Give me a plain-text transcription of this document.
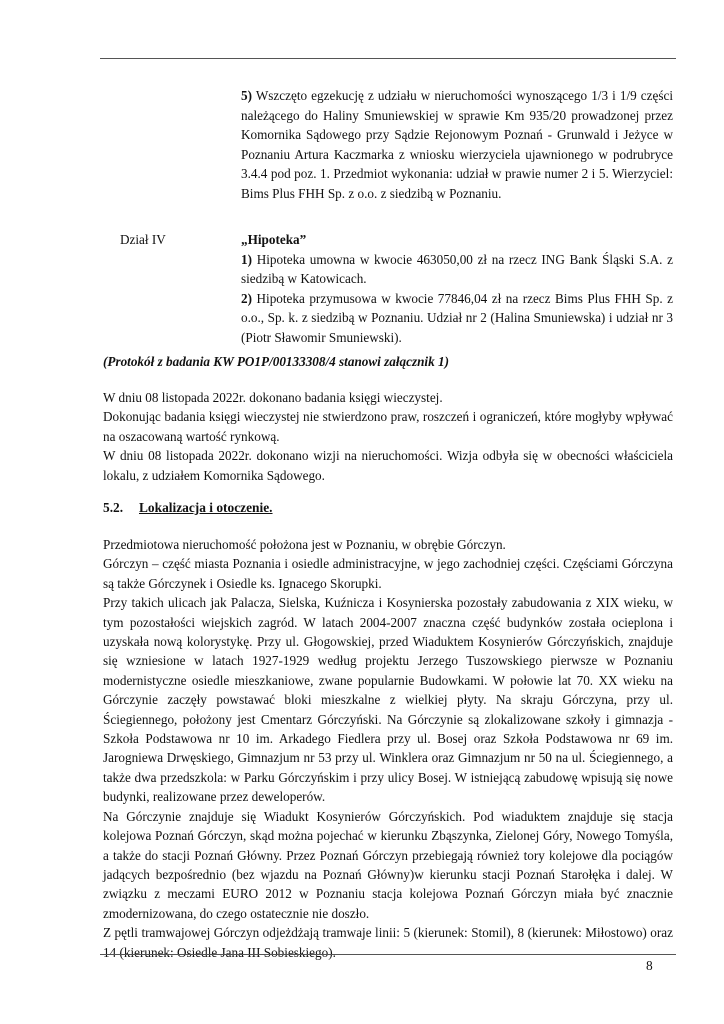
5) Wszczęto egzekucję z udziału w nieruchomości wynoszącego 1/3 i 1/9 części należącego do Haliny Smuniewskiej w sprawie Km 935/20 prowadzonej przez Komornika Sądowego przy Sądzie Rejonowym Poznań - Grunwald i Jeżyce w Poznaniu Artura Kaczmarka z wniosku wierzyciela ujawnionego w podrubryce 3.4.4 pod poz. 1. Przedmiot wykonania: udział w prawie numer 2 i 5. Wierzyciel: Bims Plus FHH Sp. z o.o. z siedzibą w Poznaniu.

Dział IV	„Hipoteka”

1) Hipoteka umowna w kwocie 463050,00 zł na rzecz ING Bank Śląski S.A. z siedzibą w Katowicach.

2) Hipoteka przymusowa w kwocie 77846,04 zł na rzecz Bims Plus FHH Sp. z o.o., Sp. k. z siedzibą w Poznaniu. Udział nr 2 (Halina Smuniewska) i udział nr 3 (Piotr Sławomir Smuniewski).

(Protokół z badania KW PO1P/00133308/4 stanowi załącznik 1)

W dniu 08 listopada 2022r. dokonano badania księgi wieczystej.

Dokonując badania księgi wieczystej nie stwierdzono praw, roszczeń i ograniczeń, które mogłyby wpływać na oszacowaną wartość rynkową.

W dniu 08 listopada 2022r. dokonano wizji na nieruchomości. Wizja odbyła się w obecności właściciela lokalu, z udziałem Komornika Sądowego.

5.2. Lokalizacja i otoczenie.

Przedmiotowa nieruchomość położona jest w Poznaniu, w obrębie Górczyn.

Górczyn – część miasta Poznania i osiedle administracyjne, w jego zachodniej części. Częściami Górczyna są także Górczynek i Osiedle ks. Ignacego Skorupki.

Przy takich ulicach jak Palacza, Sielska, Kuźnicza i Kosynierska pozostały zabudowania z XIX wieku, w tym pozostałości wiejskich zagród. W latach 2004-2007 znaczna część budynków została ocieplona i uzyskała nową kolorystykę. Przy ul. Głogowskiej, przed Wiaduktem Kosynierów Górczyńskich, znajduje się wzniesione w latach 1927-1929 według projektu Jerzego Tuszowskiego pierwsze w Poznaniu modernistyczne osiedle mieszkaniowe, zwane popularnie Budowkami. W połowie lat 70. XX wieku na Górczynie zaczęły powstawać bloki mieszkalne z wielkiej płyty. Na skraju Górczyna, przy ul. Ściegiennego, położony jest Cmentarz Górczyński. Na Górczynie są zlokalizowane szkoły i gimnazja - Szkoła Podstawowa nr 10 im. Arkadego Fiedlera przy ul. Bosej oraz Szkoła Podstawowa nr 69 im. Jarogniewa Drwęskiego, Gimnazjum nr 53 przy ul. Winklera oraz Gimnazjum nr 50 na ul. Ściegiennego, a także dwa przedszkola: w Parku Górczyńskim i przy ulicy Bosej. W istniejącą zabudowę wpisują się nowe budynki, realizowane przez deweloperów.

Na Górczynie znajduje się Wiadukt Kosynierów Górczyńskich. Pod wiaduktem znajduje się stacja kolejowa Poznań Górczyn, skąd można pojechać w kierunku Zbąszynka, Zielonej Góry, Nowego Tomyśla, a także do stacji Poznań Główny. Przez Poznań Górczyn przebiegają również tory kolejowe dla pociągów jadących bezpośrednio (bez wjazdu na Poznań Główny)w kierunku stacji Poznań Starołęka i dalej. W związku z meczami EURO 2012 w Poznaniu stacja kolejowa Poznań Górczyn miała być znacznie zmodernizowana, do czego ostatecznie nie doszło.

Z pętli tramwajowej Górczyn odjeżdżają tramwaje linii: 5 (kierunek: Stomil), 8 (kierunek: Miłostowo) oraz 14 (kierunek: Osiedle Jana III Sobieskiego).

8
